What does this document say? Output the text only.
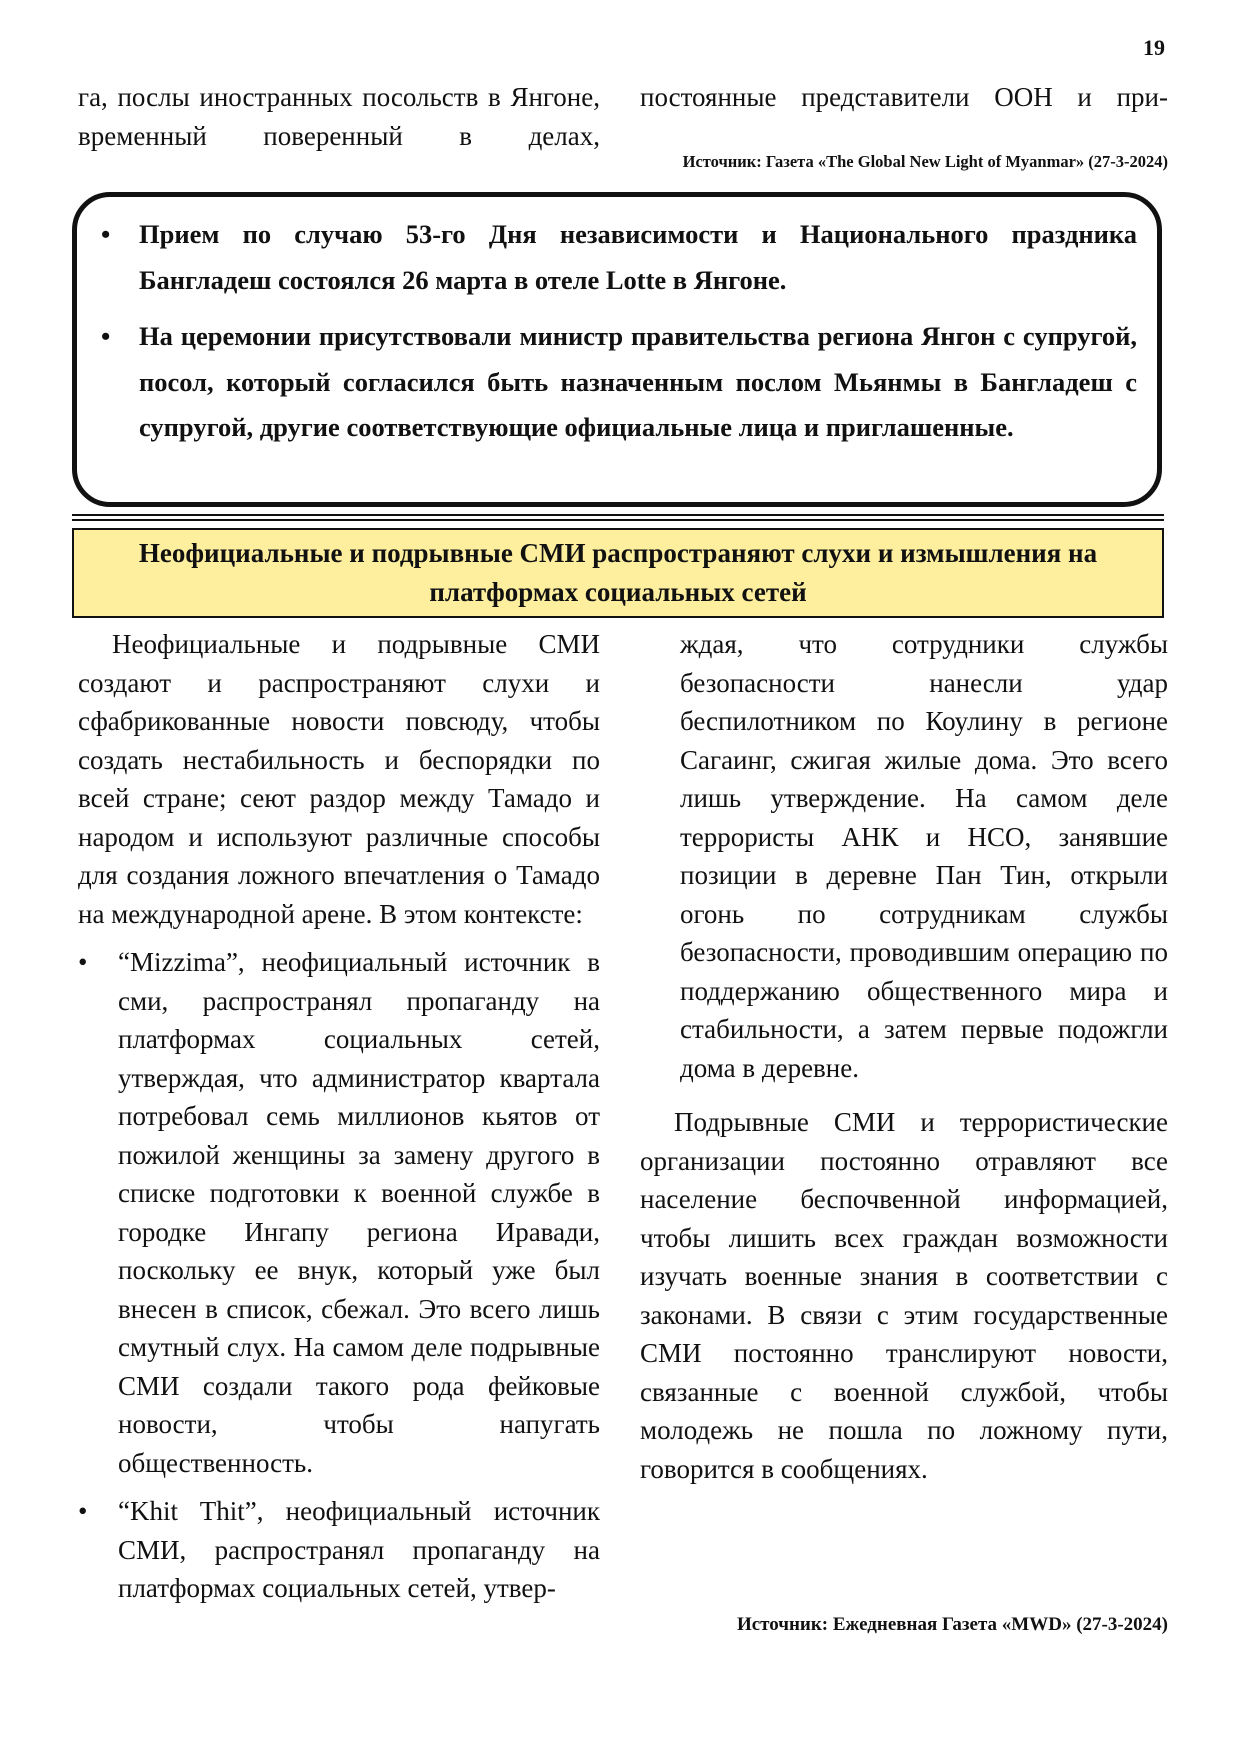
19

га, послы иностранных посольств в Янгоне, временный поверенный в делах,

постоянные представители ООН и при-

Источник: Газета «The Global New Light of Myanmar» (27-3-2024)
• Прием по случаю 53-го Дня независимости и Национального праздника Бангладеш состоялся 26 марта в отеле Lotte в Янгоне.
• На церемонии присутствовали министр правительства региона Янгон с супругой, посол, который согласился быть назначенным послом Мьянмы в Бангладеш с супругой, другие соответствующие официальные лица и приглашенные.
Неофициальные и подрывные СМИ распространяют слухи и измышления на платформах социальных сетей

Неофициальные и подрывные СМИ создают и распространяют слухи и сфабрикованные новости повсюду, чтобы создать нестабильность и беспорядки по всей стране; сеют раздор между Тамадо и народом и используют различные способы для создания ложного впечатления о Тамадо на международной арене. В этом контексте:

• “Mizzima”, неофициальный источник в сми, распространял пропаганду на платформах социальных сетей, утверждая, что администратор квартала потребовал семь миллионов кьятов от пожилой женщины за замену другого в списке подготовки к военной службе в городке Ингапу региона Иравади, поскольку ее внук, который уже был внесен в список, сбежал. Это всего лишь смутный слух. На самом деле подрывные СМИ создали такого рода фейковые новости, чтобы напугать общественность.
• “Khit Thit”, неофициальный источник СМИ, распространял пропаганду на платформах социальных сетей, утвер-

ждая, что сотрудники службы безопасности нанесли удар беспилотником по Коулину в регионе Сагаинг, сжигая жилые дома. Это всего лишь утверждение. На самом деле террористы АНК и НСО, занявшие позиции в деревне Пан Тин, открыли огонь по сотрудникам службы безопасности, проводившим операцию по поддержанию общественного мира и стабильности, а затем первые подожгли дома в деревне.

Подрывные СМИ и террористические организации постоянно отравляют все население беспочвенной информацией, чтобы лишить всех граждан возможности изучать военные знания в соответствии с законами. В связи с этим государственные СМИ постоянно транслируют новости, связанные с военной службой, чтобы молодежь не пошла по ложному пути, говорится в сообщениях.

Источник: Ежедневная Газета «MWD» (27-3-2024)
